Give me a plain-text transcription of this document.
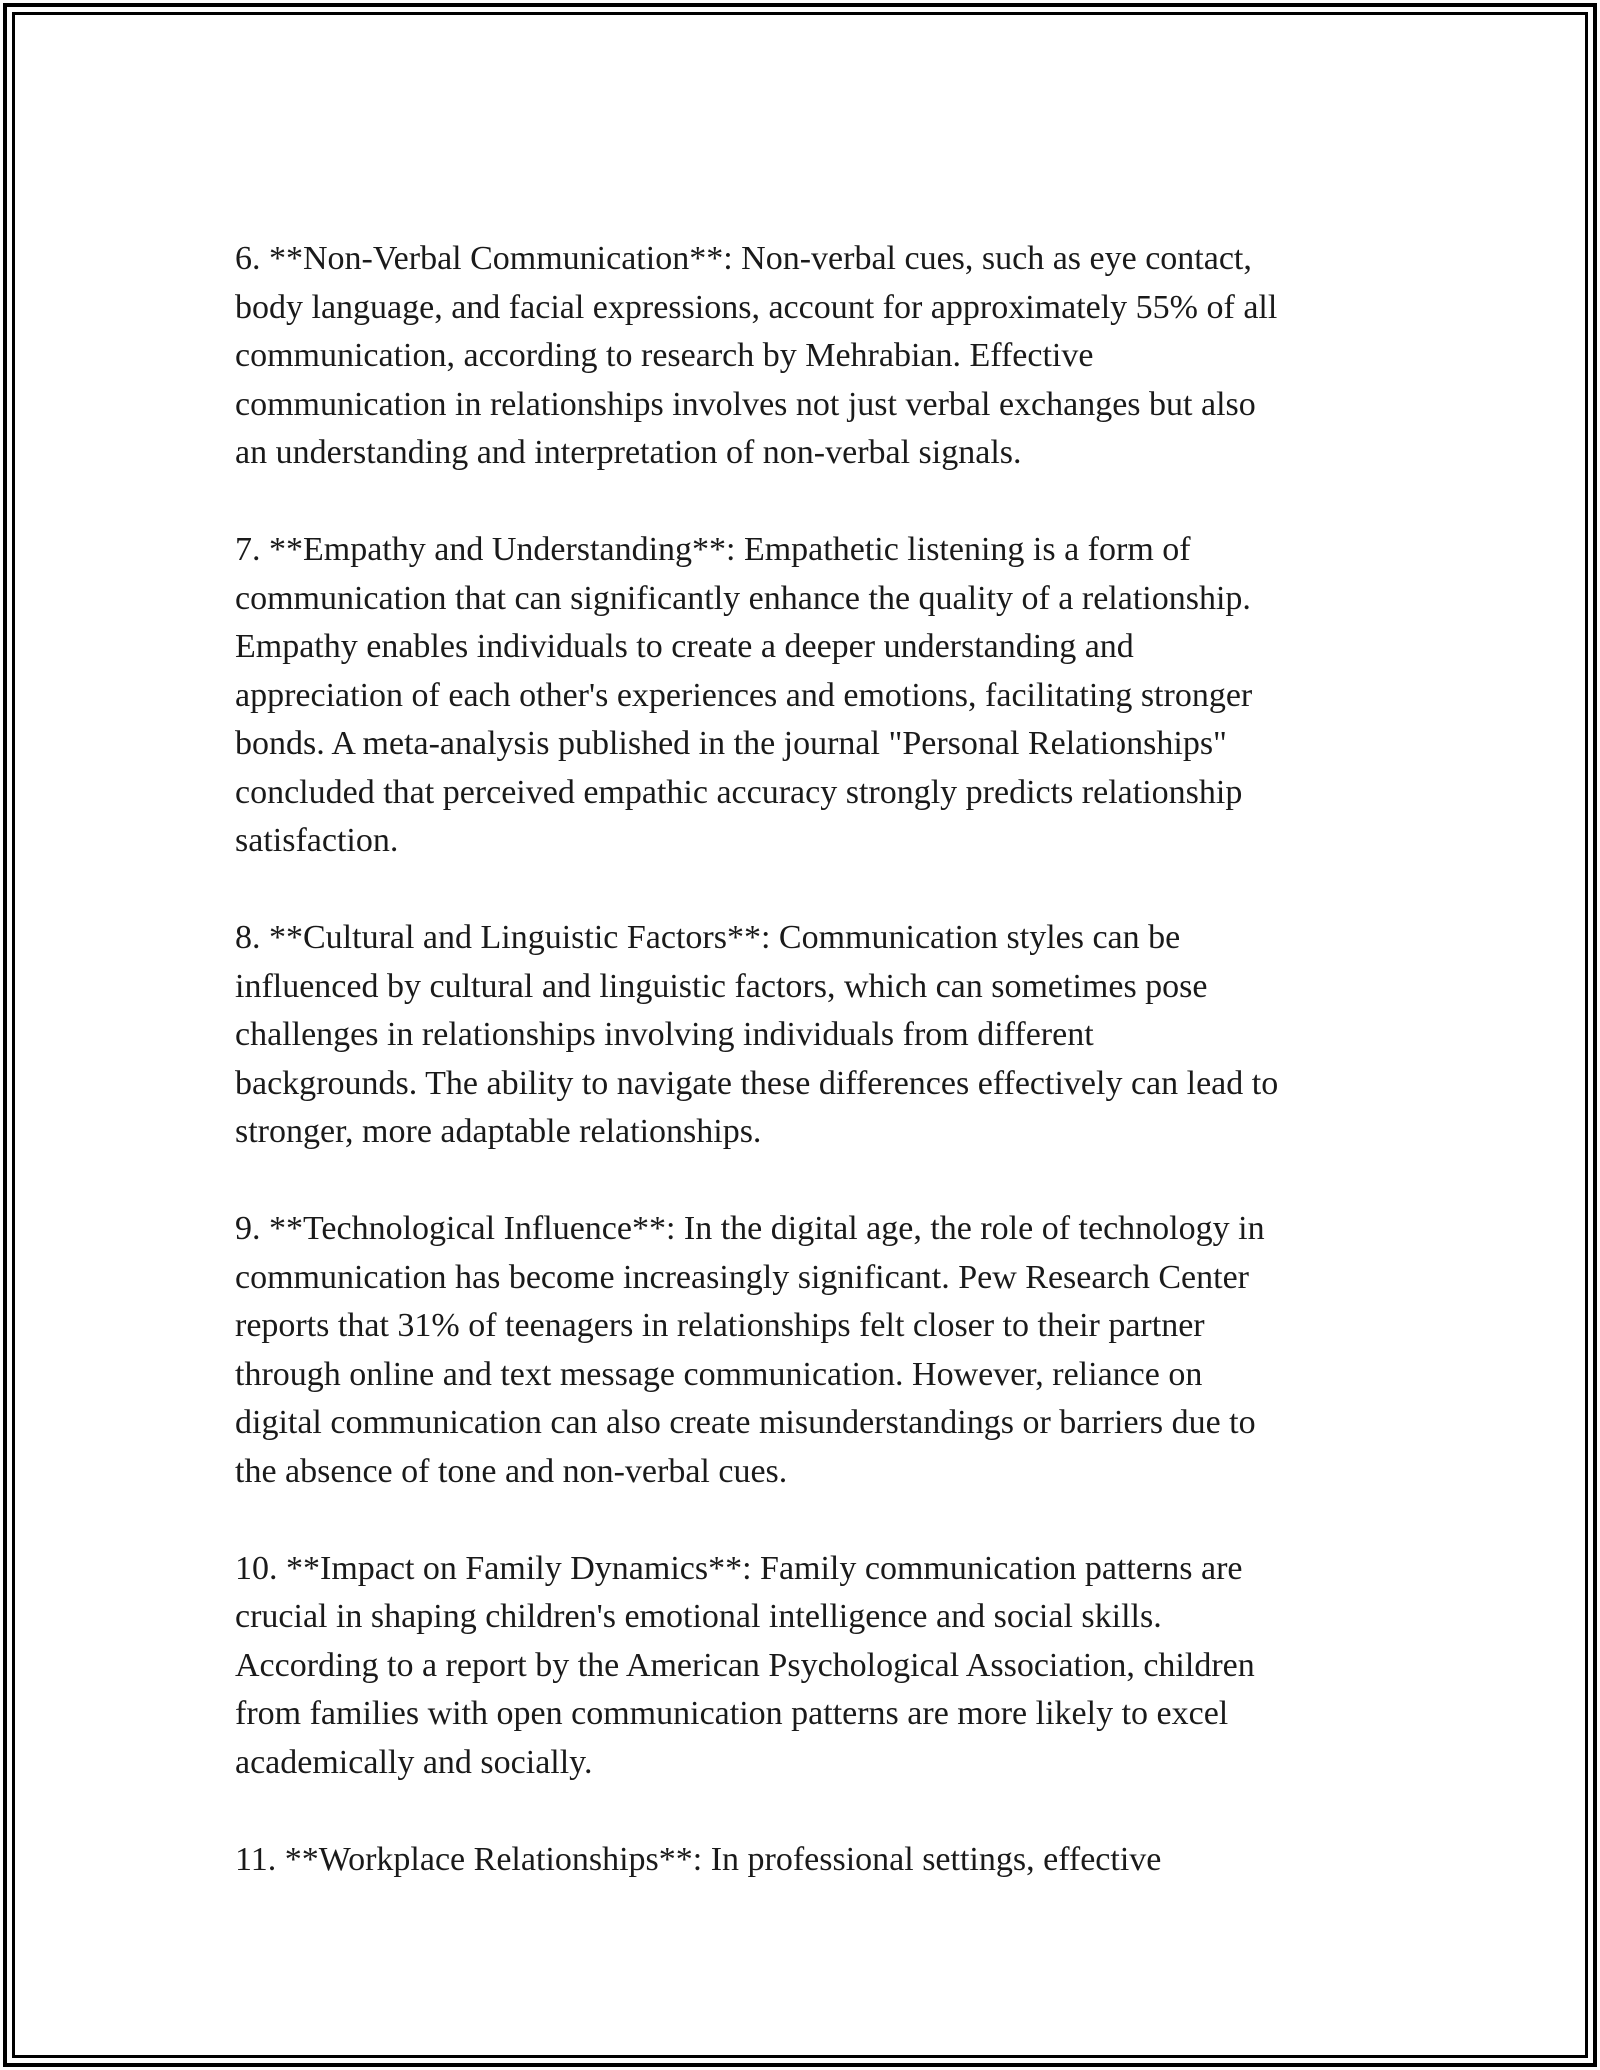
6. **Non-Verbal Communication**: Non-verbal cues, such as eye contact,
body language, and facial expressions, account for approximately 55% of all
communication, according to research by Mehrabian. Effective
communication in relationships involves not just verbal exchanges but also
an understanding and interpretation of non-verbal signals.

7. **Empathy and Understanding**: Empathetic listening is a form of
communication that can significantly enhance the quality of a relationship.
Empathy enables individuals to create a deeper understanding and
appreciation of each other's experiences and emotions, facilitating stronger
bonds. A meta-analysis published in the journal "Personal Relationships"
concluded that perceived empathic accuracy strongly predicts relationship
satisfaction.

8. **Cultural and Linguistic Factors**: Communication styles can be
influenced by cultural and linguistic factors, which can sometimes pose
challenges in relationships involving individuals from different
backgrounds. The ability to navigate these differences effectively can lead to
stronger, more adaptable relationships.

9. **Technological Influence**: In the digital age, the role of technology in
communication has become increasingly significant. Pew Research Center
reports that 31% of teenagers in relationships felt closer to their partner
through online and text message communication. However, reliance on
digital communication can also create misunderstandings or barriers due to
the absence of tone and non-verbal cues.

10. **Impact on Family Dynamics**: Family communication patterns are
crucial in shaping children's emotional intelligence and social skills.
According to a report by the American Psychological Association, children
from families with open communication patterns are more likely to excel
academically and socially.

11. **Workplace Relationships**: In professional settings, effective
